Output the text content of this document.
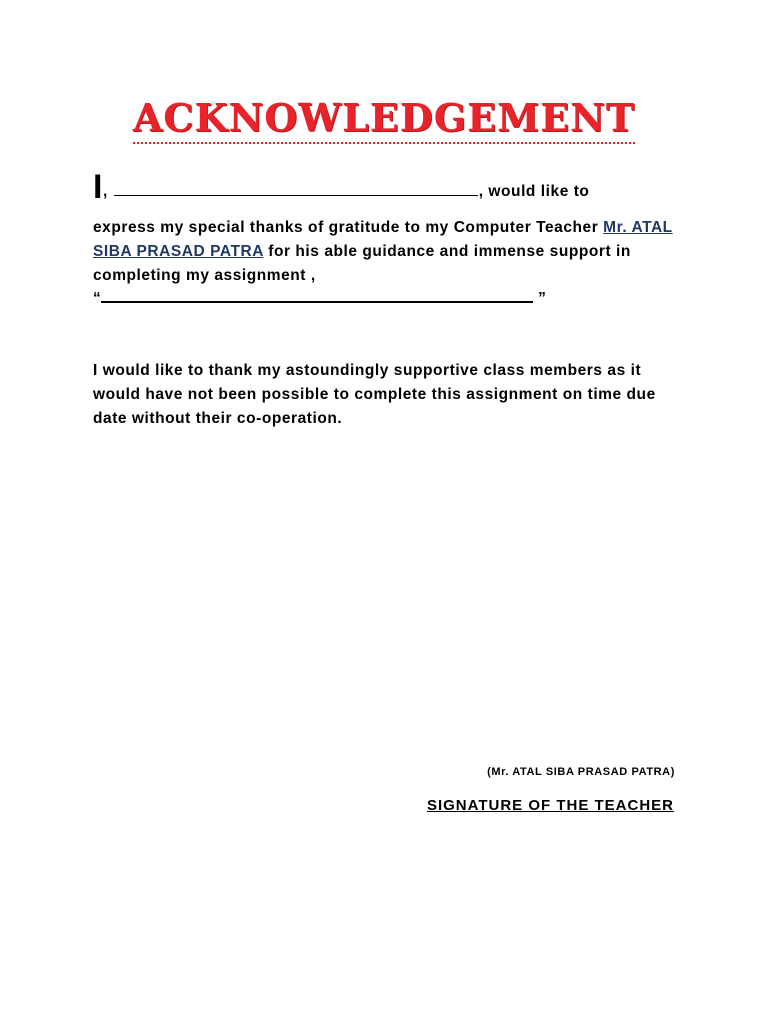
ACKNOWLEDGEMENT
I,	, would like to
express my special thanks of gratitude to my Computer Teacher Mr. ATAL SIBA PRASAD PATRA for his able guidance and immense support in completing my assignment ,
“	”
I would like to thank my astoundingly supportive class members as it would have not been possible to complete this assignment on time due date without their co-operation.
(Mr. ATAL SIBA PRASAD PATRA)
SIGNATURE OF THE TEACHER
